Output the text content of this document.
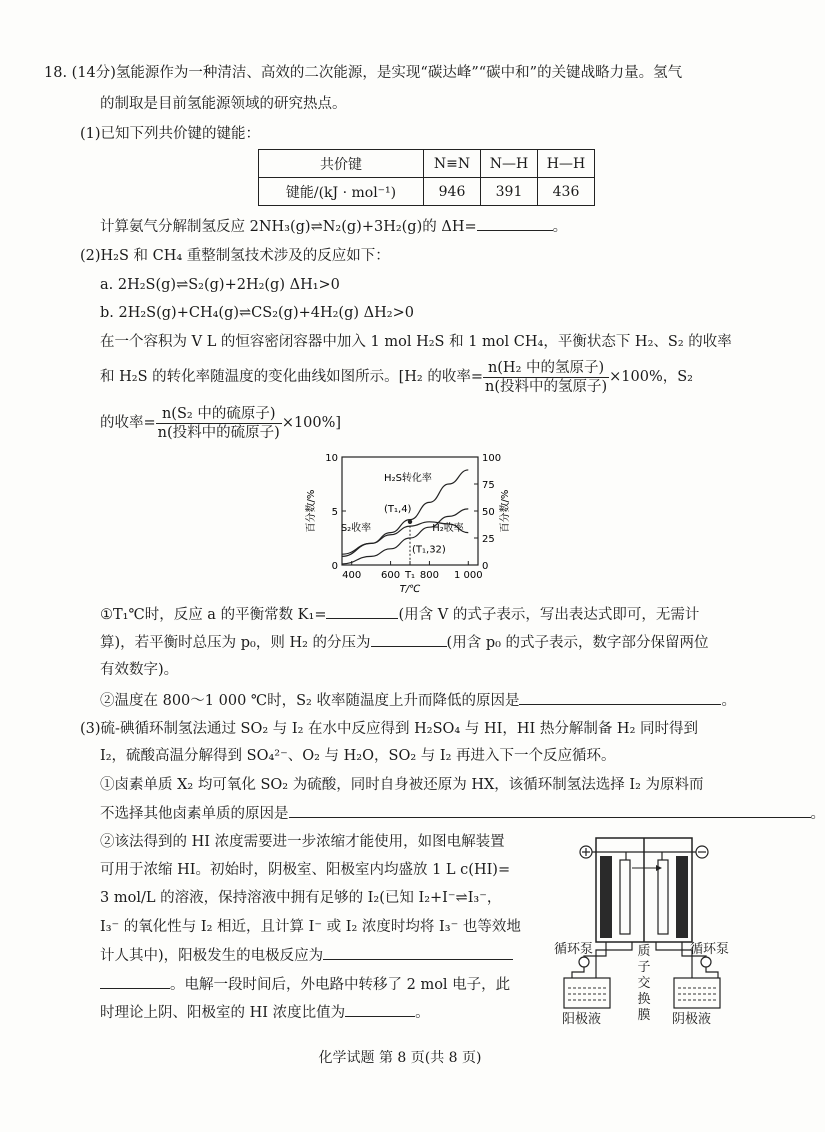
18. (14分)氢能源作为一种清洁、高效的二次能源，是实现“碳达峰”“碳中和”的关键战略力量。氢气
的制取是目前氢能源领域的研究热点。
(1)已知下列共价键的键能：
共价键	N≡N	N—H	H—H
键能/(kJ · mol⁻¹)	946	391	436
计算氨气分解制氢反应 2NH₃(g)⇌N₂(g)+3H₂(g)的 ΔH=	。
(2)H₂S 和 CH₄ 重整制氢技术涉及的反应如下：
a. 2H₂S(g)⇌S₂(g)+2H₂(g) ΔH₁>0
b. 2H₂S(g)+CH₄(g)⇌CS₂(g)+4H₂(g) ΔH₂>0
在一个容积为 V L 的恒容密闭容器中加入 1 mol H₂S 和 1 mol CH₄，平衡状态下 H₂、S₂ 的收率
和 H₂S 的转化率随温度的变化曲线如图所示。[H₂ 的收率= $\frac{\text{n(H₂ 中的氢原子)}}{\text{n(投料中的氢原子)}} \times 100\%$，S₂
的收率= $\frac{\text{n(S₂ 中的硫原子)}}{\text{n(投料中的硫原子)}} \times 100\%$]
0
5
10
0
25
50
75
100
400 600 T₁ 800 1 000
T/℃
百分数/%	百分数/%
H₂S转化率
S₂收率	H₂收率
(T₁,4)
(T₁,32)
①T₁℃时，反应 a 的平衡常数 K₁=	(用含 V 的式子表示，写出表达式即可，无需计
算)，若平衡时总压为 p₀，则 H₂ 的分压为	(用含 p₀ 的式子表示，数字部分保留两位
有效数字)。
②温度在 800～1 000 ℃时，S₂ 收率随温度上升而降低的原因是	。
(3)硫-碘循环制氢法通过 SO₂ 与 I₂ 在水中反应得到 H₂SO₄ 与 HI，HI 热分解制备 H₂ 同时得到
I₂，硫酸高温分解得到 SO₄²⁻、O₂ 与 H₂O，SO₂ 与 I₂ 再进入下一个反应循环。
①卤素单质 X₂ 均可氧化 SO₂ 为硫酸，同时自身被还原为 HX，该循环制氢法选择 I₂ 为原料而
不选择其他卤素单质的原因是	。
②该法得到的 HI 浓度需要进一步浓缩才能使用，如图电解装置
可用于浓缩 HI。初始时，阴极室、阳极室内均盛放 1 L c(HI)=
3 mol/L 的溶液，保持溶液中拥有足够的 I₂(已知 I₂+I⁻⇌I₃⁻，
I₃⁻ 的氧化性与 I₂ 相近，且计算 I⁻ 或 I₂ 浓度时均将 I₃⁻ 也等效地
计人其中)，阳极发生的电极反应为
。电解一段时间后，外电路中转移了 2 mol 电子，此
时理论上阴、阳极室的 HI 浓度比值为	。
循环泵	循环泵
质
子
交
换
膜
阳极液	阴极液
化学试题 第 8 页(共 8 页)
